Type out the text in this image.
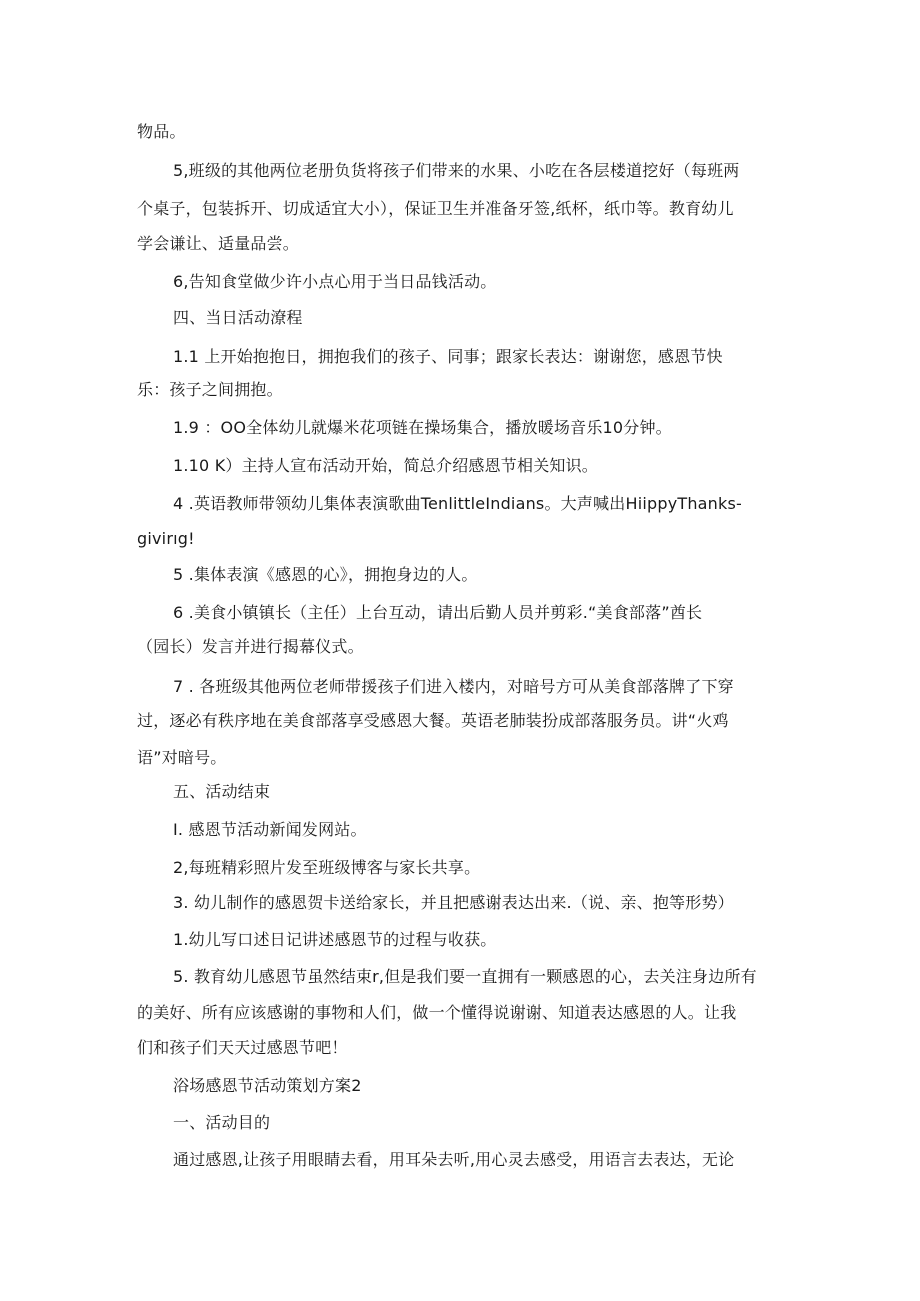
物品。
5,班级的其他两位老册负货将孩子们带来的水果、小吃在各层楼道挖好（每班两
个桌子，包装拆开、切成适宜大小），保证卫生并准备牙签,纸杯，纸巾等。教育幼儿
学会谦让、适量品尝。
6,告知食堂做少许小点心用于当日品钱活动。
四、当日活动潦程
1.1 上开始抱抱日，拥抱我们的孩子、同事；跟家长表达：谢谢您，感恩节快
乐：孩子之间拥抱。
1.9 ：OO全体幼儿就爆米花项链在操场集合，播放暖场音乐10分钟。
1.10 K）主持人宣布活动开始，简总介绍感恩节相关知识。
4 .英语教师带领幼儿集体表演歌曲TenlittleIndians。大声喊出HiippyThanks-
givirıg!
5 .集体表演《感恩的心》，拥抱身边的人。
6 .美食小镇镇长（主任）上台互动，请出后勤人员并剪彩.“美食部落”酋长
（园长）发言并进行揭幕仪式。
7 . 各班级其他两位老师带援孩子们进入楼内，对暗号方可从美食部落牌了下穿
过，逐必有秩序地在美食部落享受感恩大餐。英语老肺装扮成部落服务员。讲“火鸡
语”对暗号。
五、活动结束
I. 感恩节活动新闻发网站。
2,每班精彩照片发至班级博客与家长共享。
3. 幼儿制作的感恩贺卡送给家长，并且把感谢表达出来.（说、亲、抱等形势）
1.幼儿写口述日记讲述感恩节的过程与收获。
5. 教育幼儿感恩节虽然结束r,但是我们要一直拥有一颗感恩的心，去关注身边所有
的美好、所有应该感谢的事物和人们，做一个懂得说谢谢、知道表达感恩的人。让我
们和孩子们天天过感恩节吧！
浴场感恩节活动策划方案2
一、活动目的
通过感恩,让孩子用眼睛去看，用耳朵去听,用心灵去感受，用语言去表达，无论
